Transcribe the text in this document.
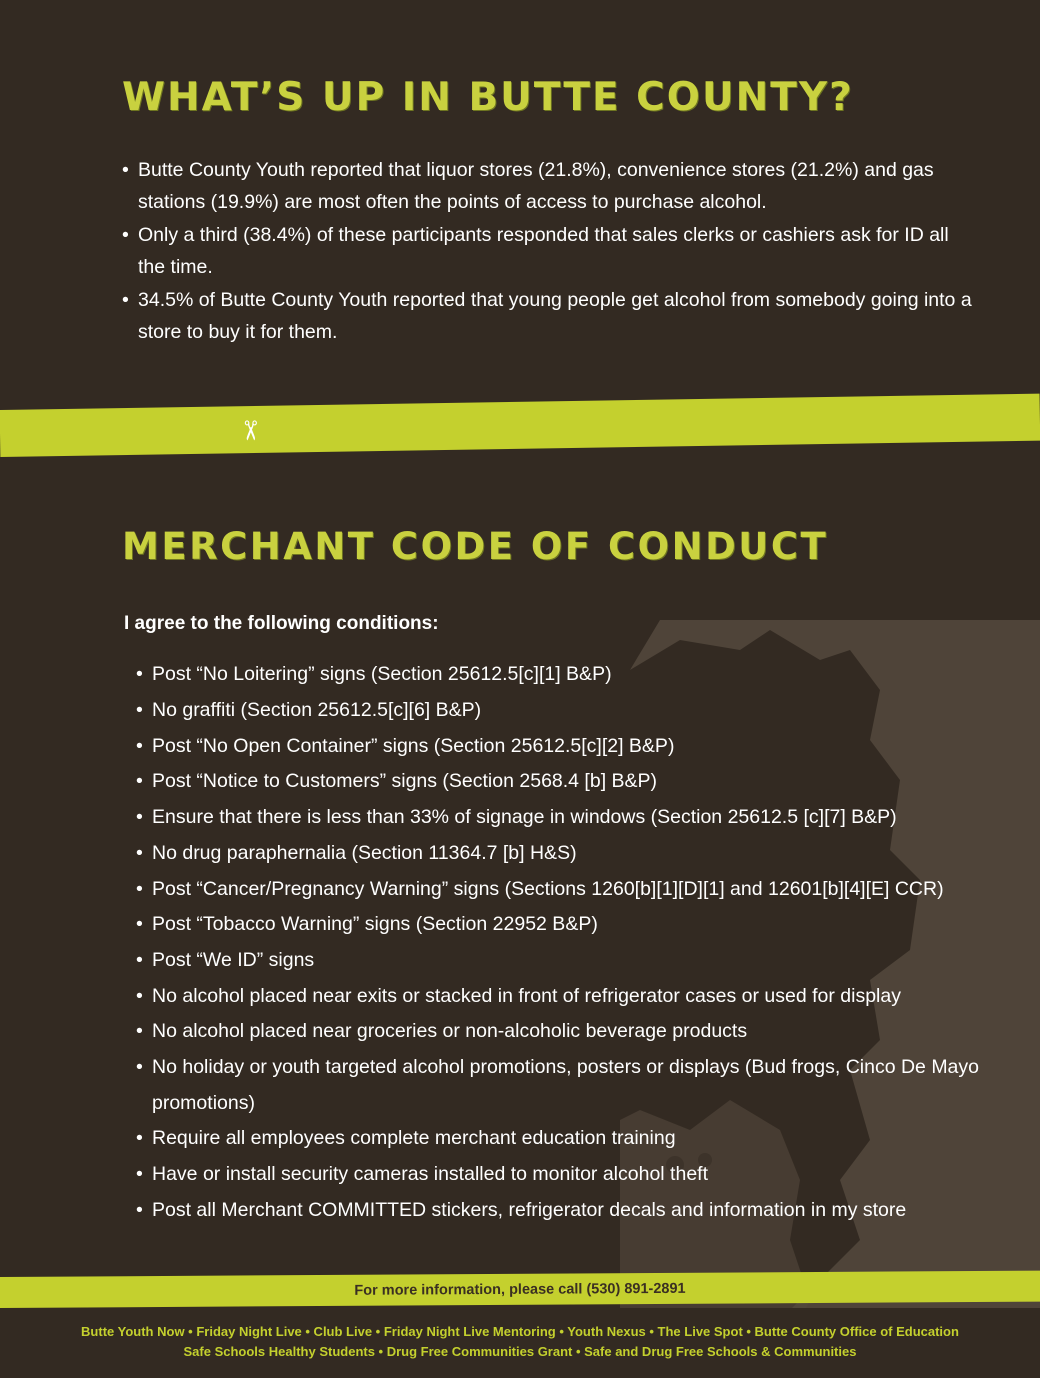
WHAT’S UP IN BUTTE COUNTY?
• Butte County Youth reported that liquor stores (21.8%), convenience stores (21.2%) and gas stations (19.9%) are most often the points of access to purchase alcohol.
• Only a third (38.4%) of these participants responded that sales clerks or cashiers ask for ID all the time.
• 34.5% of Butte County Youth reported that young people get alcohol from somebody going into a store to buy it for them.
✂
MERCHANT CODE OF CONDUCT
I agree to the following conditions:
• Post “No Loitering” signs (Section 25612.5[c][1] B&P)
• No graffiti (Section 25612.5[c][6] B&P)
• Post “No Open Container” signs (Section 25612.5[c][2] B&P)
• Post “Notice to Customers” signs (Section 2568.4 [b] B&P)
• Ensure that there is less than 33% of signage in windows (Section 25612.5 [c][7] B&P)
• No drug paraphernalia (Section 11364.7 [b] H&S)
• Post “Cancer/Pregnancy Warning” signs (Sections 1260[b][1][D][1] and 12601[b][4][E] CCR)
• Post “Tobacco Warning” signs (Section 22952 B&P)
• Post “We ID” signs
• No alcohol placed near exits or stacked in front of refrigerator cases or used for display
• No alcohol placed near groceries or non-alcoholic beverage products
• No holiday or youth targeted alcohol promotions, posters or displays (Bud frogs, Cinco De Mayo promotions)
• Require all employees complete merchant education training
• Have or install security cameras installed to monitor alcohol theft
• Post all Merchant COMMITTED stickers, refrigerator decals and information in my store
For more information, please call (530) 891-2891
Butte Youth Now • Friday Night Live • Club Live • Friday Night Live Mentoring • Youth Nexus • The Live Spot • Butte County Office of Education
Safe Schools Healthy Students • Drug Free Communities Grant • Safe and Drug Free Schools & Communities
